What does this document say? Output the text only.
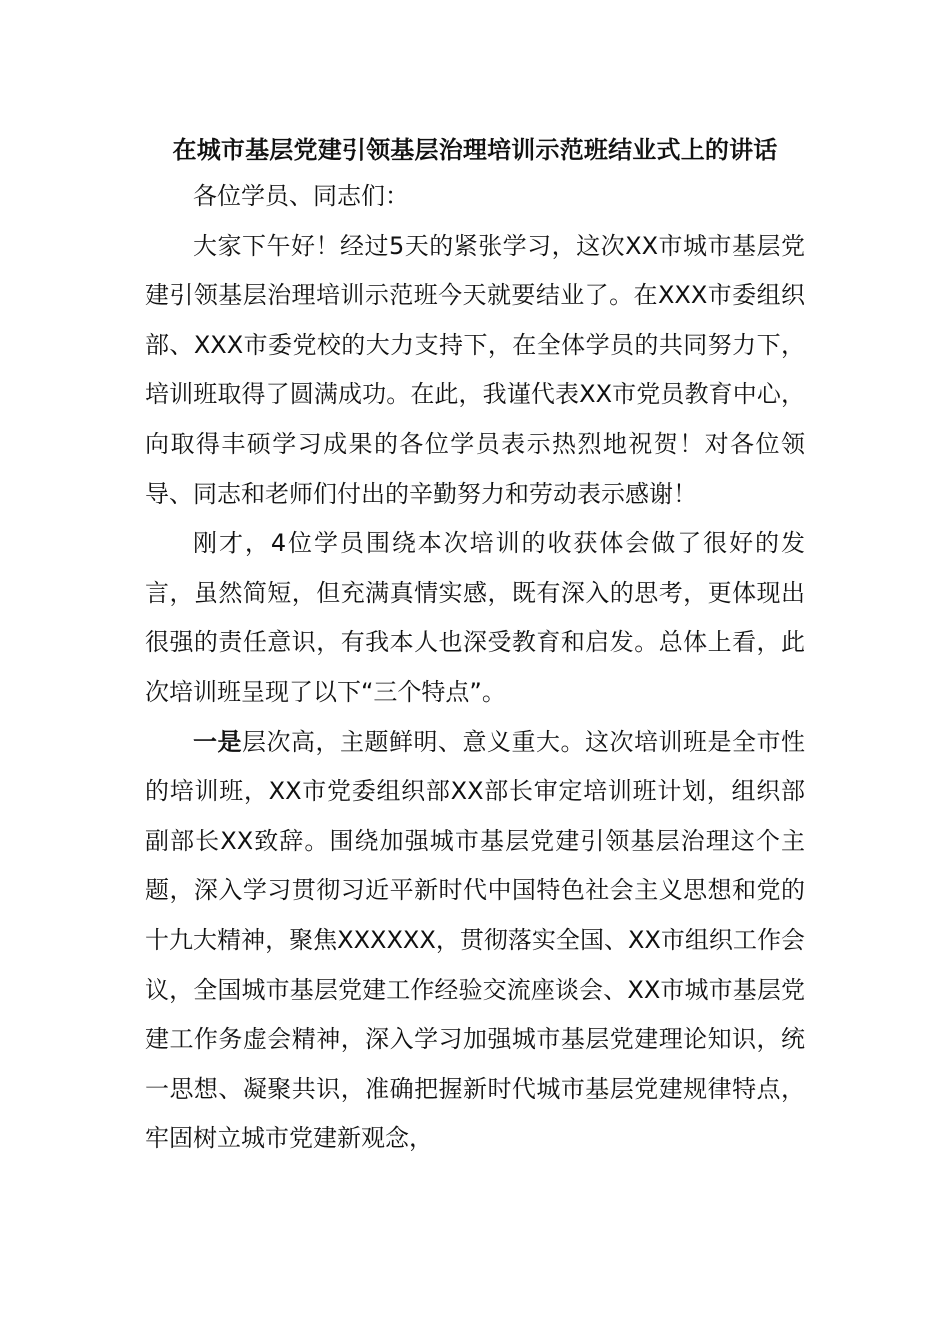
在城市基层党建引领基层治理培训示范班结业式上的讲话

各位学员、同志们：

大家下午好！经过5天的紧张学习，这次XX市城市基层党建引领基层治理培训示范班今天就要结业了。在XXX市委组织部、XXX市委党校的大力支持下，在全体学员的共同努力下，培训班取得了圆满成功。在此，我谨代表XX市党员教育中心，向取得丰硕学习成果的各位学员表示热烈地祝贺！对各位领导、同志和老师们付出的辛勤努力和劳动表示感谢！

刚才，4位学员围绕本次培训的收获体会做了很好的发言，虽然简短，但充满真情实感，既有深入的思考，更体现出很强的责任意识，有我本人也深受教育和启发。总体上看，此次培训班呈现了以下“三个特点”。

一是层次高，主题鲜明、意义重大。这次培训班是全市性的培训班，XX市党委组织部XX部长审定培训班计划，组织部副部长XX致辞。围绕加强城市基层党建引领基层治理这个主题，深入学习贯彻习近平新时代中国特色社会主义思想和党的十九大精神，聚焦XXXXXX，贯彻落实全国、XX市组织工作会议，全国城市基层党建工作经验交流座谈会、XX市城市基层党建工作务虚会精神，深入学习加强城市基层党建理论知识，统一思想、凝聚共识，准确把握新时代城市基层党建规律特点，牢固树立城市党建新观念，
